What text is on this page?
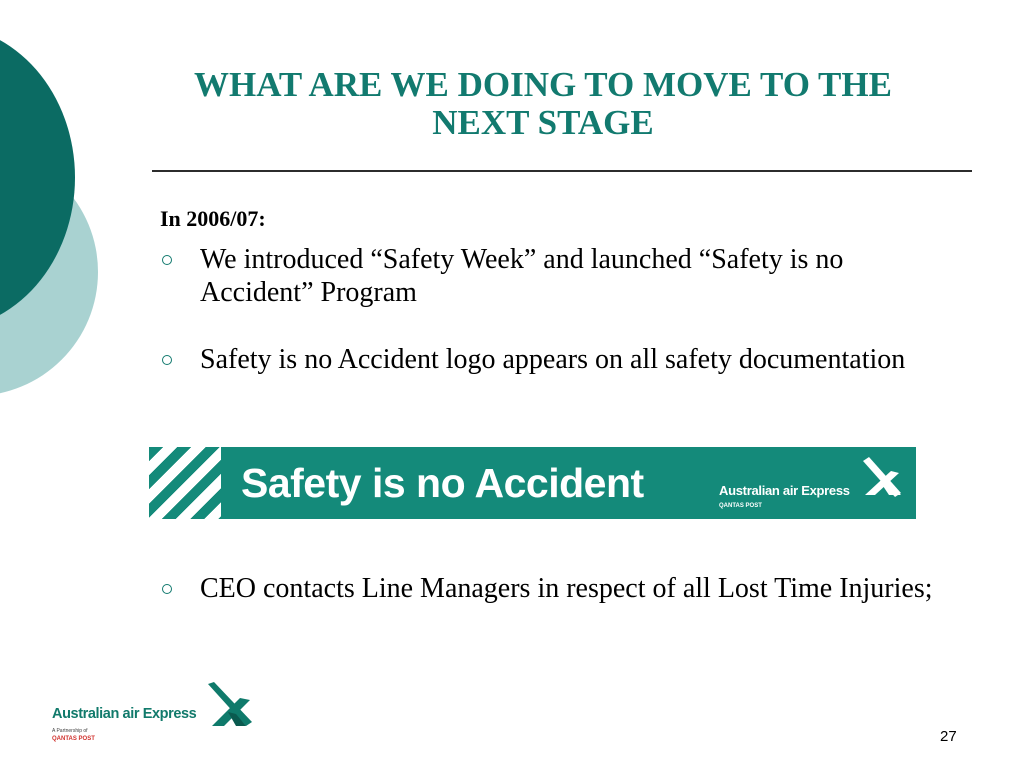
WHAT ARE WE DOING TO MOVE TO THE NEXT STAGE
In 2006/07:
We introduced “Safety Week” and launched “Safety is no Accident” Program
Safety is no Accident logo appears on all safety documentation
Safety is no Accident	Australian air Express
QANTAS POST
CEO contacts Line Managers in respect of all Lost Time Injuries;
Australian air Express
A Partnership of
QANTAS POST	27
